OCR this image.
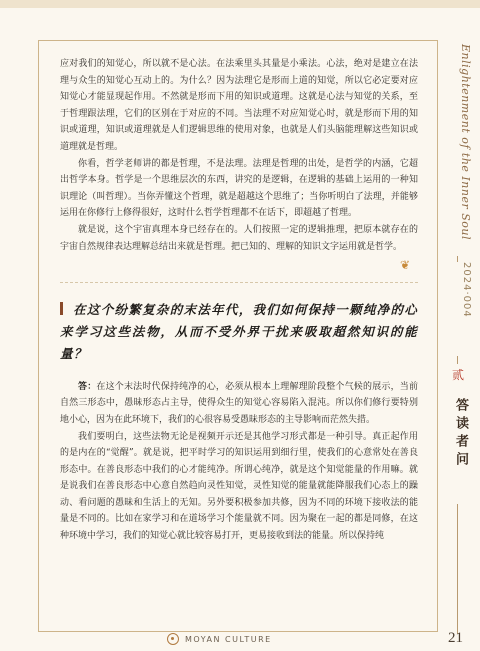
应对我们的知觉心，所以就不是心法。在法乘里头其量是小乘法。心法，绝对是建立在法理与众生的知觉心互动上的。为什么？因为法理它是形而上道的知觉，所以它必定要对应知觉心才能显现起作用。不然就是形而下用的知识或道理。这就是心法与知觉的关系，至于哲理跟法理，它们的区别在于对应的不同。当法理不对应知觉心时，就是形而下用的知识或道理，知识或道理就是人们逻辑思维的使用对象，也就是人们头脑能理解这些知识或道理就是哲理。

你看，哲学老师讲的都是哲理，不是法理。法理是哲理的出处，是哲学的内涵，它超出哲学本身。哲学是一个思维层次的东西，讲究的是逻辑，在逻辑的基础上运用的一种知识理论（叫哲理）。当你弄懂这个哲理，就是超越这个思维了；当你听明白了法理，并能够运用在你修行上修得很好，这时什么哲学哲理都不在话下，即超越了哲理。

就是说，这个宇宙真理本身已经存在的。人们按照一定的逻辑推理，把原本就存在的宇宙自然规律表达理解总结出来就是哲理。把已知的、理解的知识文字运用就是哲学。

❦
在这个纷繁复杂的末法年代，我们如何保持一颗纯净的心来学习这些法物，从而不受外界干扰来吸取超然知识的能量？

答：在这个末法时代保持纯净的心，必须从根本上理解理阶段整个气候的展示，当前自然三形态中，愚昧形态占主导，使得众生的知觉心容易陷入混沌。所以你们修行要特别地小心，因为在此环境下，我们的心很容易受愚昧形态的主导影响而茫然失措。

我们要明白，这些法物无论是视频开示还是其他学习形式都是一种引导。真正起作用的是内在的“觉醒”。就是说，把平时学习的知识运用到细行里，使我们的心意常处在善良形态中。在善良形态中我们的心才能纯净。所谓心纯净，就是这个知觉能量的作用嘛。就是说我们在善良形态中心意自然趋向灵性知觉，灵性知觉的能量就能降服我们心态上的躁动、看问题的愚昧和生活上的无知。另外要积极参加共修，因为不同的环境下接收法的能量是不同的。比如在家学习和在道场学习个能量就不同。因为聚在一起的都是同修，在这种环境中学习，我们的知觉心就比较容易打开，更易接收到法的能量。所以保持纯

Enlightenment of the Inner Soul
2024·004
贰
答读者问
MOYAN CULTURE	21
